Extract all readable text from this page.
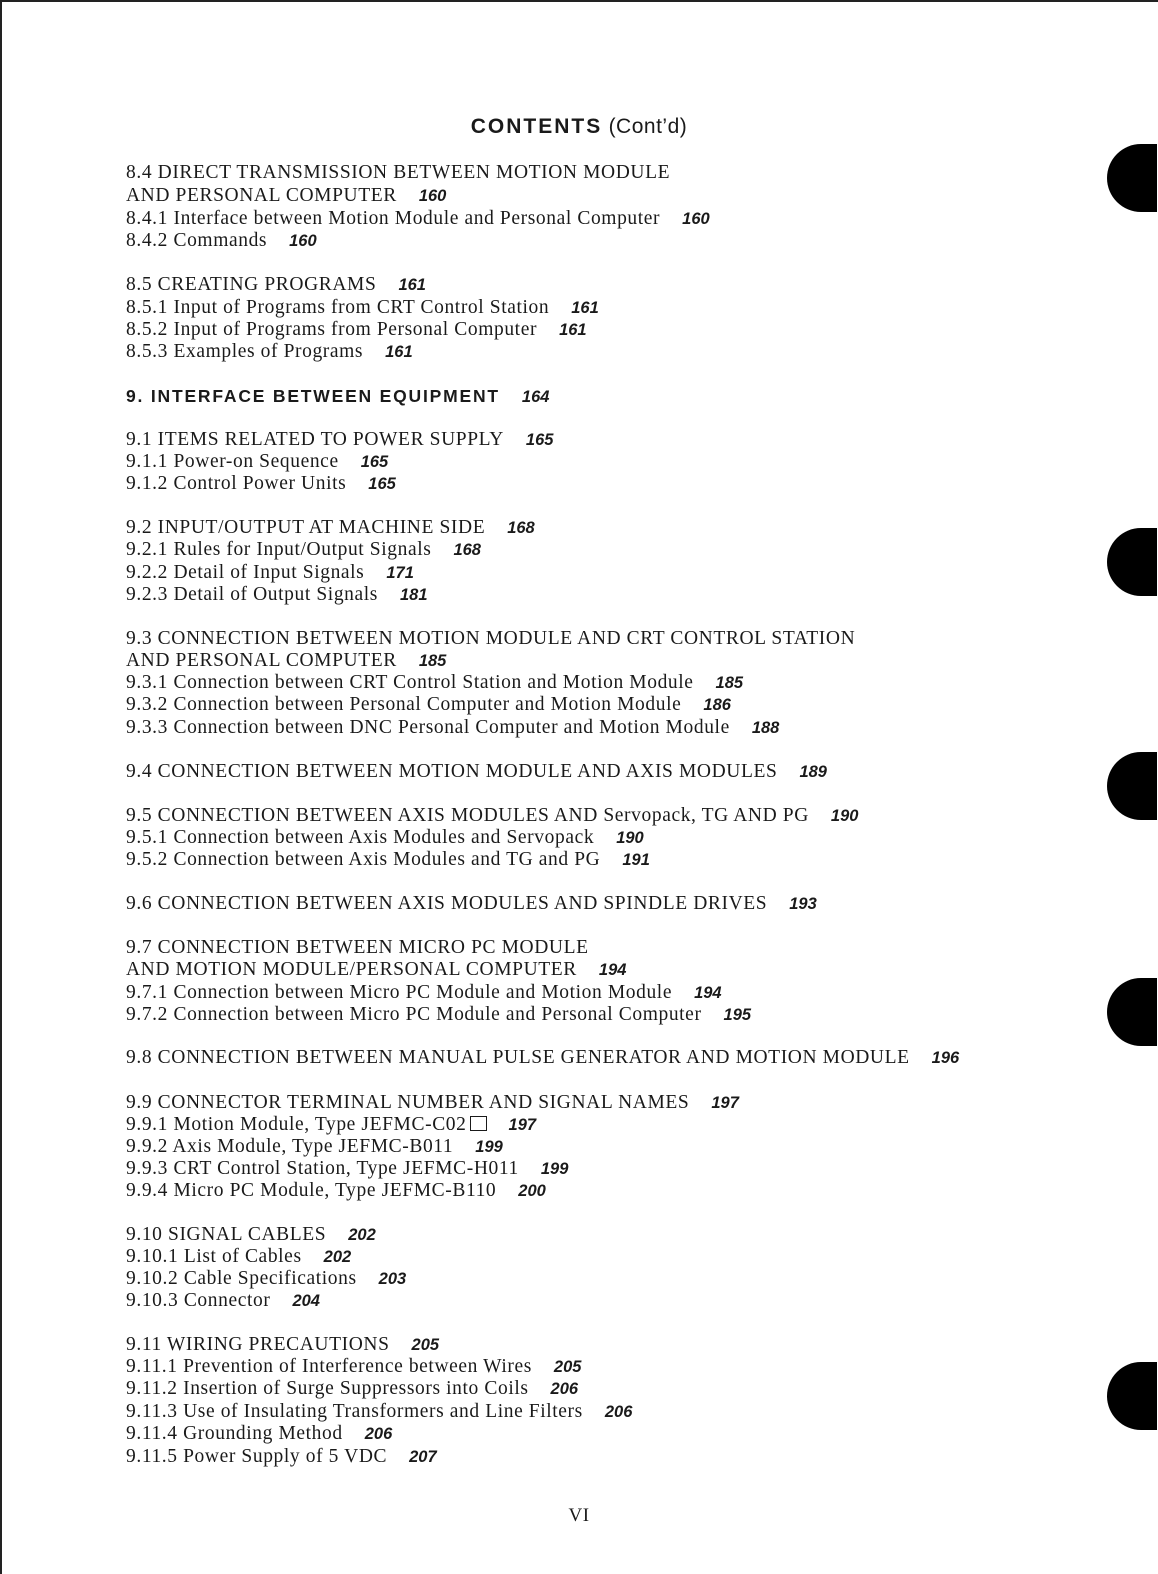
CONTENTS (Cont’d)
8.4 DIRECT TRANSMISSION BETWEEN MOTION MODULE
AND PERSONAL COMPUTER 160
8.4.1 Interface between Motion Module and Personal Computer 160
8.4.2 Commands 160
8.5 CREATING PROGRAMS 161
8.5.1 Input of Programs from CRT Control Station 161
8.5.2 Input of Programs from Personal Computer 161
8.5.3 Examples of Programs 161
9. INTERFACE BETWEEN EQUIPMENT 164
9.1 ITEMS RELATED TO POWER SUPPLY 165
9.1.1 Power-on Sequence 165
9.1.2 Control Power Units 165
9.2 INPUT/OUTPUT AT MACHINE SIDE 168
9.2.1 Rules for Input/Output Signals 168
9.2.2 Detail of Input Signals 171
9.2.3 Detail of Output Signals 181
9.3 CONNECTION BETWEEN MOTION MODULE AND CRT CONTROL STATION
AND PERSONAL COMPUTER 185
9.3.1 Connection between CRT Control Station and Motion Module 185
9.3.2 Connection between Personal Computer and Motion Module 186
9.3.3 Connection between DNC Personal Computer and Motion Module 188
9.4 CONNECTION BETWEEN MOTION MODULE AND AXIS MODULES 189
9.5 CONNECTION BETWEEN AXIS MODULES AND Servopack, TG AND PG 190
9.5.1 Connection between Axis Modules and Servopack 190
9.5.2 Connection between Axis Modules and TG and PG 191
9.6 CONNECTION BETWEEN AXIS MODULES AND SPINDLE DRIVES 193
9.7 CONNECTION BETWEEN MICRO PC MODULE
AND MOTION MODULE/PERSONAL COMPUTER 194
9.7.1 Connection between Micro PC Module and Motion Module 194
9.7.2 Connection between Micro PC Module and Personal Computer 195
9.8 CONNECTION BETWEEN MANUAL PULSE GENERATOR AND MOTION MODULE 196
9.9 CONNECTOR TERMINAL NUMBER AND SIGNAL NAMES 197
9.9.1 Motion Module, Type JEFMC-C02	197
9.9.2 Axis Module, Type JEFMC-B011 199
9.9.3 CRT Control Station, Type JEFMC-H011 199
9.9.4 Micro PC Module, Type JEFMC-B110 200
9.10 SIGNAL CABLES 202
9.10.1 List of Cables 202
9.10.2 Cable Specifications 203
9.10.3 Connector 204
9.11 WIRING PRECAUTIONS 205
9.11.1 Prevention of Interference between Wires 205
9.11.2 Insertion of Surge Suppressors into Coils 206
9.11.3 Use of Insulating Transformers and Line Filters 206
9.11.4 Grounding Method 206
9.11.5 Power Supply of 5 VDC 207
VI
